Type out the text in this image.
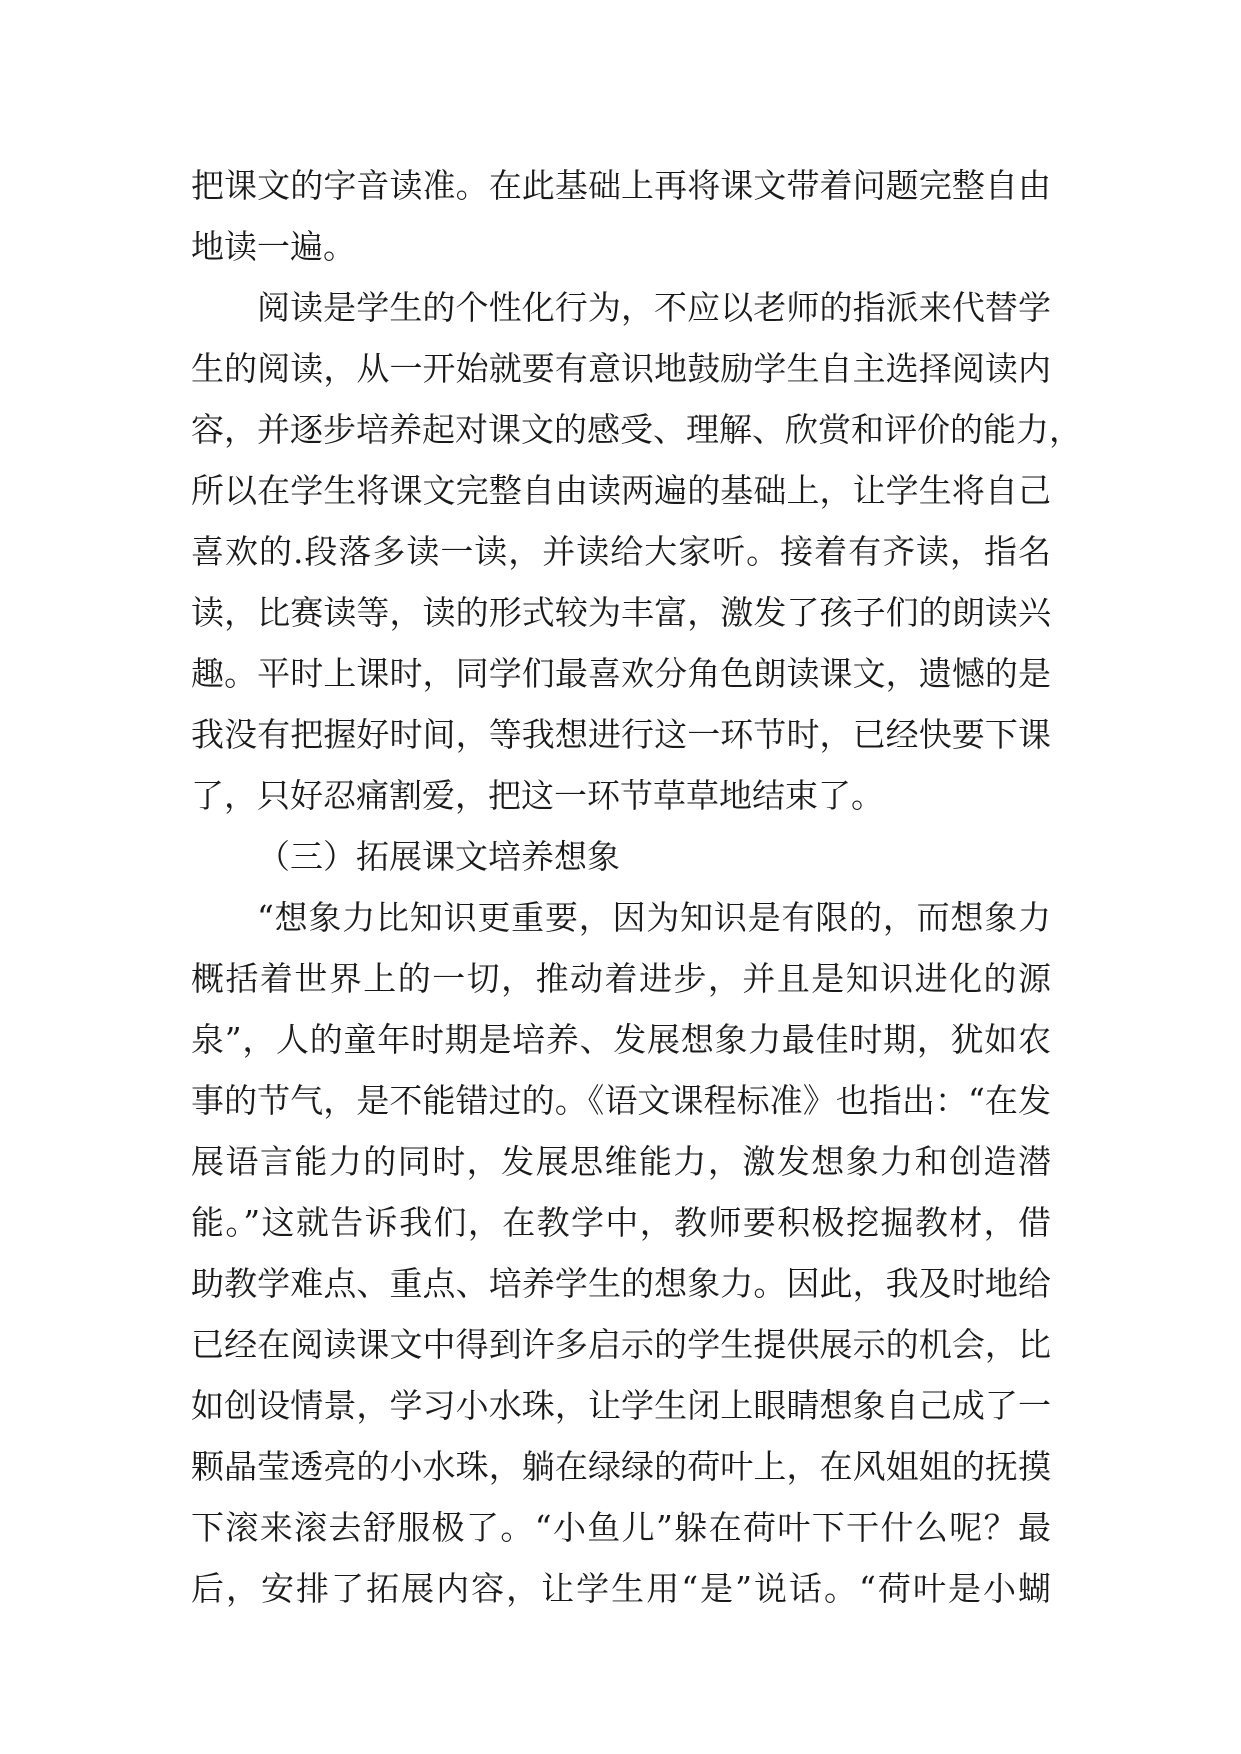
把课文的字音读准。在此基础上再将课文带着问题完整自由
地读一遍。
阅读是学生的个性化行为，不应以老师的指派来代替学
生的阅读，从一开始就要有意识地鼓励学生自主选择阅读内
容，并逐步培养起对课文的感受、理解、欣赏和评价的能力，
所以在学生将课文完整自由读两遍的基础上，让学生将自己
喜欢的.段落多读一读，并读给大家听。接着有齐读，指名
读，比赛读等，读的形式较为丰富，激发了孩子们的朗读兴
趣。平时上课时，同学们最喜欢分角色朗读课文，遗憾的是
我没有把握好时间，等我想进行这一环节时，已经快要下课
了，只好忍痛割爱，把这一环节草草地结束了。
（三）拓展课文培养想象
“想象力比知识更重要，因为知识是有限的，而想象力
概括着世界上的一切，推动着进步，并且是知识进化的源
泉”，人的童年时期是培养、发展想象力最佳时期，犹如农
事的节气，是不能错过的。《语文课程标准》也指出：“在发
展语言能力的同时，发展思维能力，激发想象力和创造潜
能。”这就告诉我们，在教学中，教师要积极挖掘教材，借
助教学难点、重点、培养学生的想象力。因此，我及时地给
已经在阅读课文中得到许多启示的学生提供展示的机会，比
如创设情景，学习小水珠，让学生闭上眼睛想象自己成了一
颗晶莹透亮的小水珠，躺在绿绿的荷叶上，在风姐姐的抚摸
下滚来滚去舒服极了。“小鱼儿”躲在荷叶下干什么呢？最
后，安排了拓展内容，让学生用“是”说话。“荷叶是小蝴
